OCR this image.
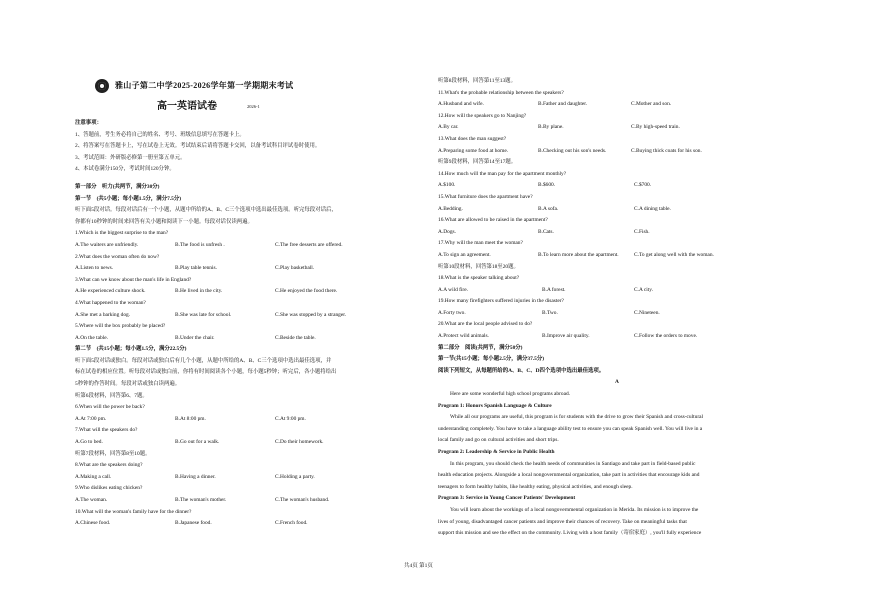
雅山子第二中学2025-2026学年第一学期期末考试
高一英语试卷	2026-1
注意事项：
1、答题前，考生务必将自己的姓名、考号、班级信息填写在答题卡上。
2、将答案写在答题卡上，写在试卷上无效。考试结束后请将答题卡交回，以备考试科目评试卷时使用。
3、考试范围：外研版必修第一册至第五单元。
4、本试卷满分150分，考试时间120分钟。
第一部分　听力(共两节，满分30分)
第一节　(共5小题；每小题1.5分，满分7.5分)
听下面5段对话。每段对话后有一个小题，从题中所给的A、B、C三个选项中选出最佳选项。听完每段对话后，
你都有10秒钟的时间来回答有关小题和阅读下一小题。每段对话仅读两遍。
1.Which is the biggest surprise to the man?
A.The waiters are unfriendly.	B.The food is unfresh .	C.The free desserts are offered.
2.What does the woman often do now?
A.Listen to news.	B.Play table tennis.	C.Play basketball.
3.What can we know about the man's life in England?
A.He experienced culture shock.	B.He lived in the city.	C.He enjoyed the food there.
4.What happened to the woman?
A.She met a barking dog.	B.She was late for school.	C.She was stopped by a stranger.
5.Where will the box probably be placed?
A.On the table.	B.Under the chair.	C.Beside the table.
第二节　(共15小题；每小题1.5分，满分22.5分)
听下面5段对话或独白。每段对话或独白后有几个小题，从题中所给的A、B、C三个选项中选出最佳选项，并
标在试卷的相应位置。听每段对话或独白前，你将有时间阅读各个小题，每小题5秒钟；听完后，各小题将给出
5秒钟的作答时间。每段对话或独白读两遍。
听第6段材料，回答第6、7题。
6.When will the power be back?
A.At 7:00 pm.	B.At 8:00 pm.	C.At 9:00 pm.
7.What will the speakers do?
A.Go to bed.	B.Go out for a walk.	C.Do their homework.
听第7段材料，回答第8至10题。
8.What are the speakers doing?
A.Making a call.	B.Having a dinner.	C.Holding a party.
9.Who dislikes eating chicken?
A.The woman.	B.The woman's mother.	C.The woman's husband.
10.What will the woman's family have for the dinner?
A.Chinese food.	B.Japanese food.	C.French food.
听第8段材料，回答第11至13题。
11.What's the probable relationship between the speakers?
A.Husband and wife.	B.Father and daughter.	C.Mother and son.
12.How will the speakers go to Nanjing?
A.By car.	B.By plane.	C.By high-speed train.
13.What does the man suggest?
A.Preparing some food at home.	B.Checking out his son's needs.	C.Buying thick coats for his son.
听第9段材料，回答第14至17题。
14.How much will the man pay for the apartment monthly?
A.$100.	B.$600.	C.$700.
15.What furniture does the apartment have?
A.Bedding.	B.A sofa.	C.A dining table.
16.What are allowed to be raised in the apartment?
A.Dogs.	B.Cats.	C.Fish.
17.Why will the man meet the woman?
A.To sign an agreement.	B.To learn more about the apartment.	C.To get along well with the woman.
听第10段材料，回答第18至20题。
18.What is the speaker talking about?
A.A wild fire.	B.A forest.	C.A city.
19.How many firefighters suffered injuries in the disaster?
A.Forty two.	B.Two.	C.Nineteen.
20.What are the local people advised to do?
A.Protect wild animals.	B.Improve air quality.	C.Follow the orders to move.
第二部分　阅读(共两节，满分50分)
第一节(共15小题；每小题2.5分，满分37.5分)
阅读下列短文，从每题所给的A、B、C、D四个选项中选出最佳选项。
A
Here are some wonderful high school programs abroad.
Program 1: Honors Spanish Language & Culture
While all our programs are useful, this program is for students with the drive to grow their Spanish and cross-cultural
understanding completely. You have to take a language ability test to ensure you can speak Spanish well. You will live in a
local family and go on cultural activities and short trips.
Program 2: Leadership & Service in Public Health
In this program, you should check the health needs of communities in Santiago and take part in field-based public
health education projects. Alongside a local nongovernmental organization, take part in activities that encourage kids and
teenagers to form healthy habits, like healthy eating, physical activities, and enough sleep.
Program 3: Service in Young Cancer Patients' Development
You will learn about the workings of a local nongovernmental organization in Merida. Its mission is to improve the
lives of young, disadvantaged cancer patients and improve their chances of recovery. Take on meaningful tasks that
support this mission and see the effect on the community. Living with a host family（寄宿家庭）, you'll fully experience
共4页 第1页
